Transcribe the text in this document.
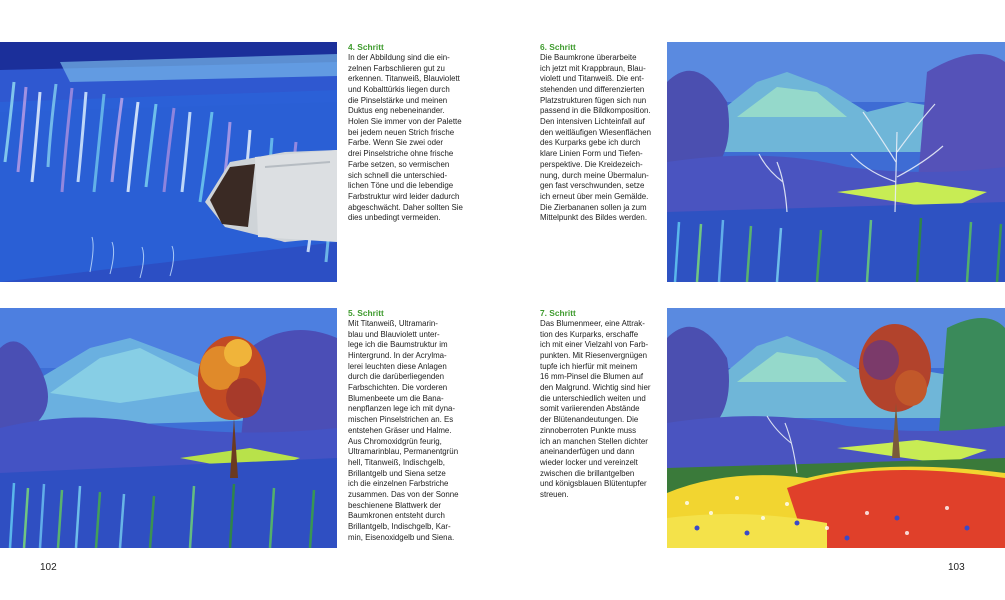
4. Schritt
In der Abbildung sind die ein-
zelnen Farbschlieren gut zu
erkennen. Titanweiß, Blauviolett
und Kobalttürkis liegen durch
die Pinselstärke und meinen
Duktus eng nebeneinander.
Holen Sie immer von der Palette
bei jedem neuen Strich frische
Farbe. Wenn Sie zwei oder
drei Pinselstriche ohne frische
Farbe setzen, so vermischen
sich schnell die unterschied-
lichen Töne und die lebendige
Farbstruktur wird leider dadurch
abgeschwächt. Daher sollten Sie
dies unbedingt vermeiden.
5. Schritt
Mit Titanweiß, Ultramarin-
blau und Blauviolett unter-
lege ich die Baumstruktur im
Hintergrund. In der Acrylma-
lerei leuchten diese Anlagen
durch die darüberliegenden
Farbschichten. Die vorderen
Blumenbeete um die Bana-
nenpflanzen lege ich mit dyna-
mischen Pinselstrichen an. Es
entstehen Gräser und Halme.
Aus Chromoxidgrün feurig,
Ultramarinblau, Permanentgrün
hell, Titanweiß, Indischgelb,
Brillantgelb und Siena setze
ich die einzelnen Farbstriche
zusammen. Das von der Sonne
beschienene Blattwerk der
Baumkronen entsteht durch
Brillantgelb, Indischgelb, Kar-
min, Eisenoxidgelb und Siena.
6. Schritt
Die Baumkrone überarbeite
ich jetzt mit Krappbraun, Blau-
violett und Titanweiß. Die ent-
stehenden und differenzierten
Platzstrukturen fügen sich nun
passend in die Bildkomposition.
Den intensiven Lichteinfall auf
den weitläufigen Wiesenflächen
des Kurparks gebe ich durch
klare Linien Form und Tiefen-
perspektive. Die Kreidezeich-
nung, durch meine Übermalun-
gen fast verschwunden, setze
ich erneut über mein Gemälde.
Die Zierbananen sollen ja zum
Mittelpunkt des Bildes werden.
7. Schritt
Das Blumenmeer, eine Attrak-
tion des Kurparks, erschaffe
ich mit einer Vielzahl von Farb-
punkten. Mit Riesenvergnügen
tupfe ich hierfür mit meinem
16 mm-Pinsel die Blumen auf
den Malgrund. Wichtig sind hier
die unterschiedlich weiten und
somit variierenden Abstände
der Blütenandeutungen. Die
zinnoberroten Punkte muss
ich an manchen Stellen dichter
aneinanderfügen und dann
wieder locker und vereinzelt
zwischen die brillantgelben
und königsblauen Blütentupfer
streuen.
102	103
